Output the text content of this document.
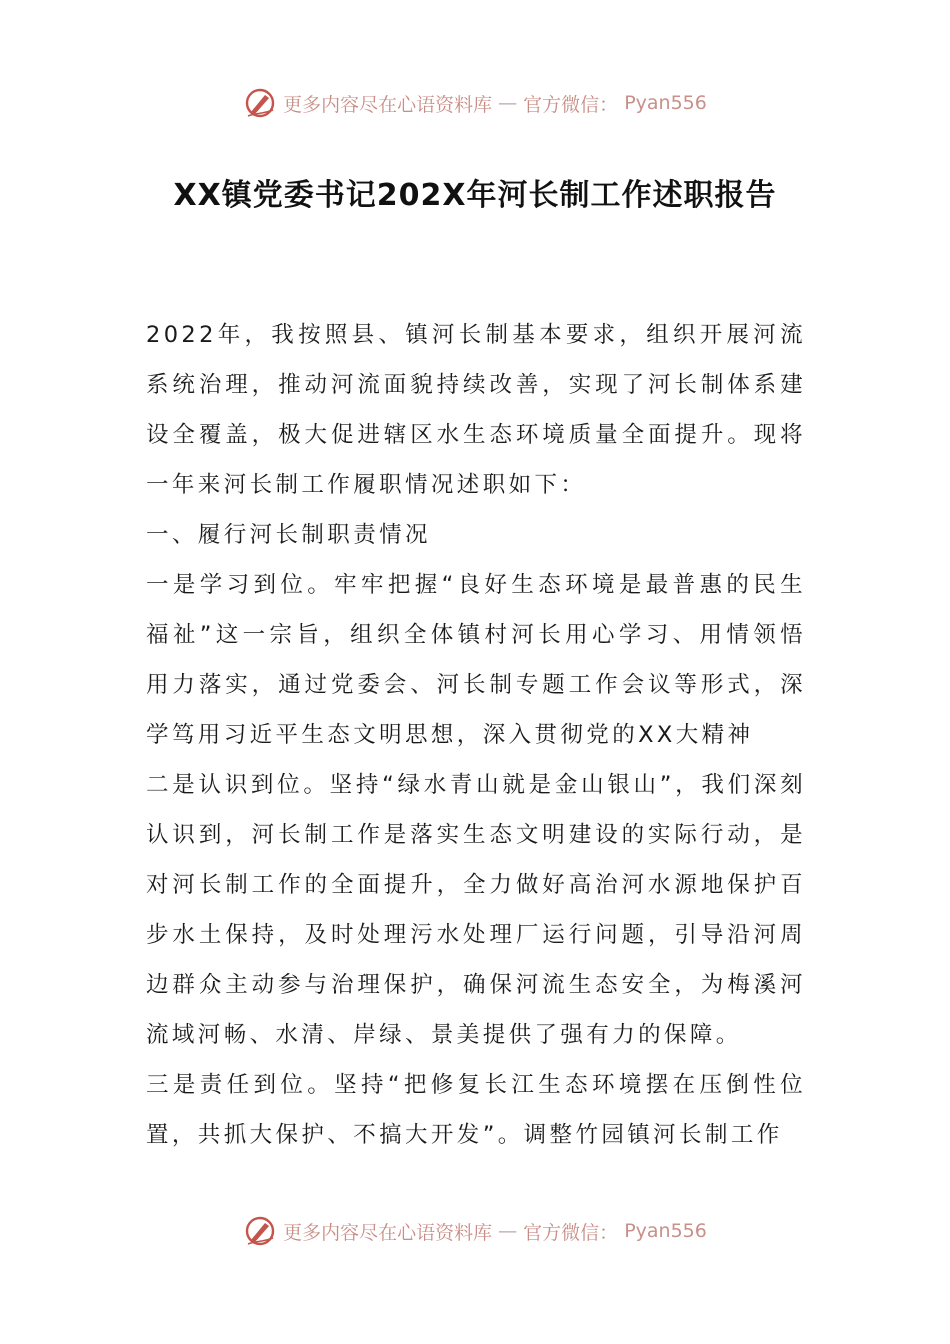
更多内容尽在心语资料库 — 官方微信： Pyan556
XX镇党委书记202X年河长制工作述职报告

2022年，我按照县、镇河长制基本要求，组织开展河流系统治理，推动河流面貌持续改善，实现了河长制体系建设全覆盖，极大促进辖区水生态环境质量全面提升。现将一年来河长制工作履职情况述职如下：

一、履行河长制职责情况

一是学习到位。牢牢把握“良好生态环境是最普惠的民生福祉”这一宗旨，组织全体镇村河长用心学习、用情领悟用力落实，通过党委会、河长制专题工作会议等形式，深学笃用习近平生态文明思想，深入贯彻党的XX大精神

二是认识到位。坚持“绿水青山就是金山银山”，我们深刻认识到，河长制工作是落实生态文明建设的实际行动，是对河长制工作的全面提升，全力做好高治河水源地保护百步水土保持，及时处理污水处理厂运行问题，引导沿河周边群众主动参与治理保护，确保河流生态安全，为梅溪河流域河畅、水清、岸绿、景美提供了强有力的保障。

三是责任到位。坚持“把修复长江生态环境摆在压倒性位置，共抓大保护、不搞大开发”。调整竹园镇河长制工作

更多内容尽在心语资料库 — 官方微信： Pyan556
